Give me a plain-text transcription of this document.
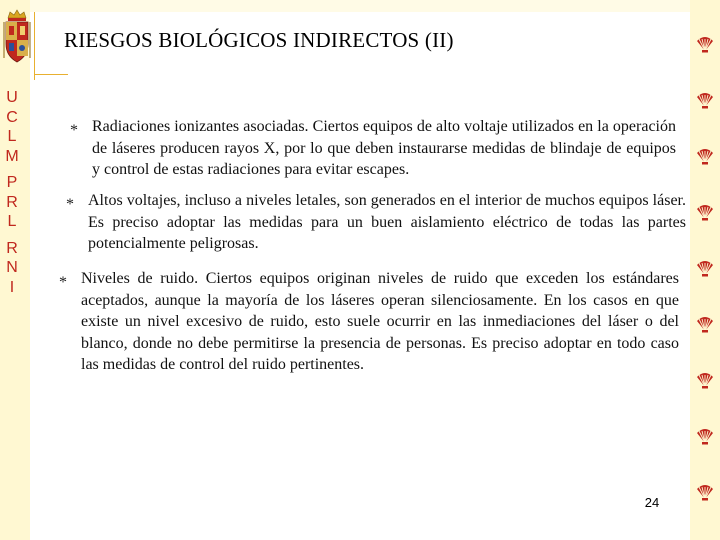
RIESGOS BIOLÓGICOS INDIRECTOS (II)
U
C
L
M
P
R
L
R
N
I
* Radiaciones ionizantes asociadas. Ciertos equipos de alto voltaje utilizados en la operación de láseres producen rayos X, por lo que deben instaurarse medidas de blindaje de equipos y control de estas radiaciones para evitar escapes.
* Altos voltajes, incluso a niveles letales, son generados en el interior de muchos equipos láser. Es preciso adoptar las medidas para un buen aislamiento eléctrico de todas las partes potencialmente peligrosas.
* Niveles de ruido. Ciertos equipos originan niveles de ruido que exceden los estándares aceptados, aunque la mayoría de los láseres operan silenciosamente. En los casos en que existe un nivel excesivo de ruido, esto suele ocurrir en las inmediaciones del láser o del blanco, donde no debe permitirse la presencia de personas. Es preciso adoptar en todo caso las medidas de control del ruido pertinentes.
24
